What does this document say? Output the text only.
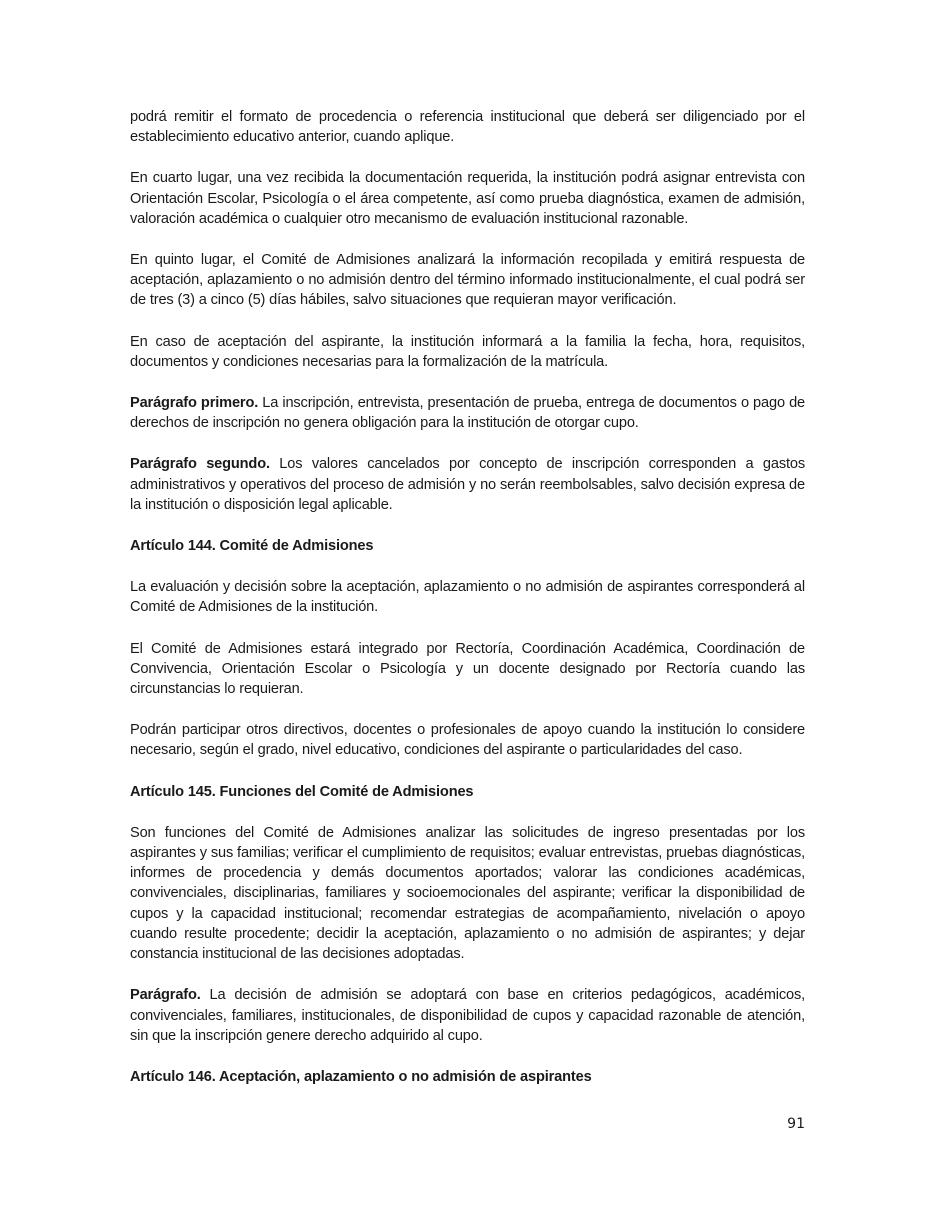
podrá remitir el formato de procedencia o referencia institucional que deberá ser diligenciado por el establecimiento educativo anterior, cuando aplique.

En cuarto lugar, una vez recibida la documentación requerida, la institución podrá asignar entrevista con Orientación Escolar, Psicología o el área competente, así como prueba diagnóstica, examen de admisión, valoración académica o cualquier otro mecanismo de evaluación institucional razonable.

En quinto lugar, el Comité de Admisiones analizará la información recopilada y emitirá respuesta de aceptación, aplazamiento o no admisión dentro del término informado institucionalmente, el cual podrá ser de tres (3) a cinco (5) días hábiles, salvo situaciones que requieran mayor verificación.

En caso de aceptación del aspirante, la institución informará a la familia la fecha, hora, requisitos, documentos y condiciones necesarias para la formalización de la matrícula.

Parágrafo primero. La inscripción, entrevista, presentación de prueba, entrega de documentos o pago de derechos de inscripción no genera obligación para la institución de otorgar cupo.

Parágrafo segundo. Los valores cancelados por concepto de inscripción corresponden a gastos administrativos y operativos del proceso de admisión y no serán reembolsables, salvo decisión expresa de la institución o disposición legal aplicable.

Artículo 144. Comité de Admisiones

La evaluación y decisión sobre la aceptación, aplazamiento o no admisión de aspirantes corresponderá al Comité de Admisiones de la institución.

El Comité de Admisiones estará integrado por Rectoría, Coordinación Académica, Coordinación de Convivencia, Orientación Escolar o Psicología y un docente designado por Rectoría cuando las circunstancias lo requieran.

Podrán participar otros directivos, docentes o profesionales de apoyo cuando la institución lo considere necesario, según el grado, nivel educativo, condiciones del aspirante o particularidades del caso.

Artículo 145. Funciones del Comité de Admisiones

Son funciones del Comité de Admisiones analizar las solicitudes de ingreso presentadas por los aspirantes y sus familias; verificar el cumplimiento de requisitos; evaluar entrevistas, pruebas diagnósticas, informes de procedencia y demás documentos aportados; valorar las condiciones académicas, convivenciales, disciplinarias, familiares y socioemocionales del aspirante; verificar la disponibilidad de cupos y la capacidad institucional; recomendar estrategias de acompañamiento, nivelación o apoyo cuando resulte procedente; decidir la aceptación, aplazamiento o no admisión de aspirantes; y dejar constancia institucional de las decisiones adoptadas.

Parágrafo. La decisión de admisión se adoptará con base en criterios pedagógicos, académicos, convivenciales, familiares, institucionales, de disponibilidad de cupos y capacidad razonable de atención, sin que la inscripción genere derecho adquirido al cupo.

Artículo 146. Aceptación, aplazamiento o no admisión de aspirantes

91
